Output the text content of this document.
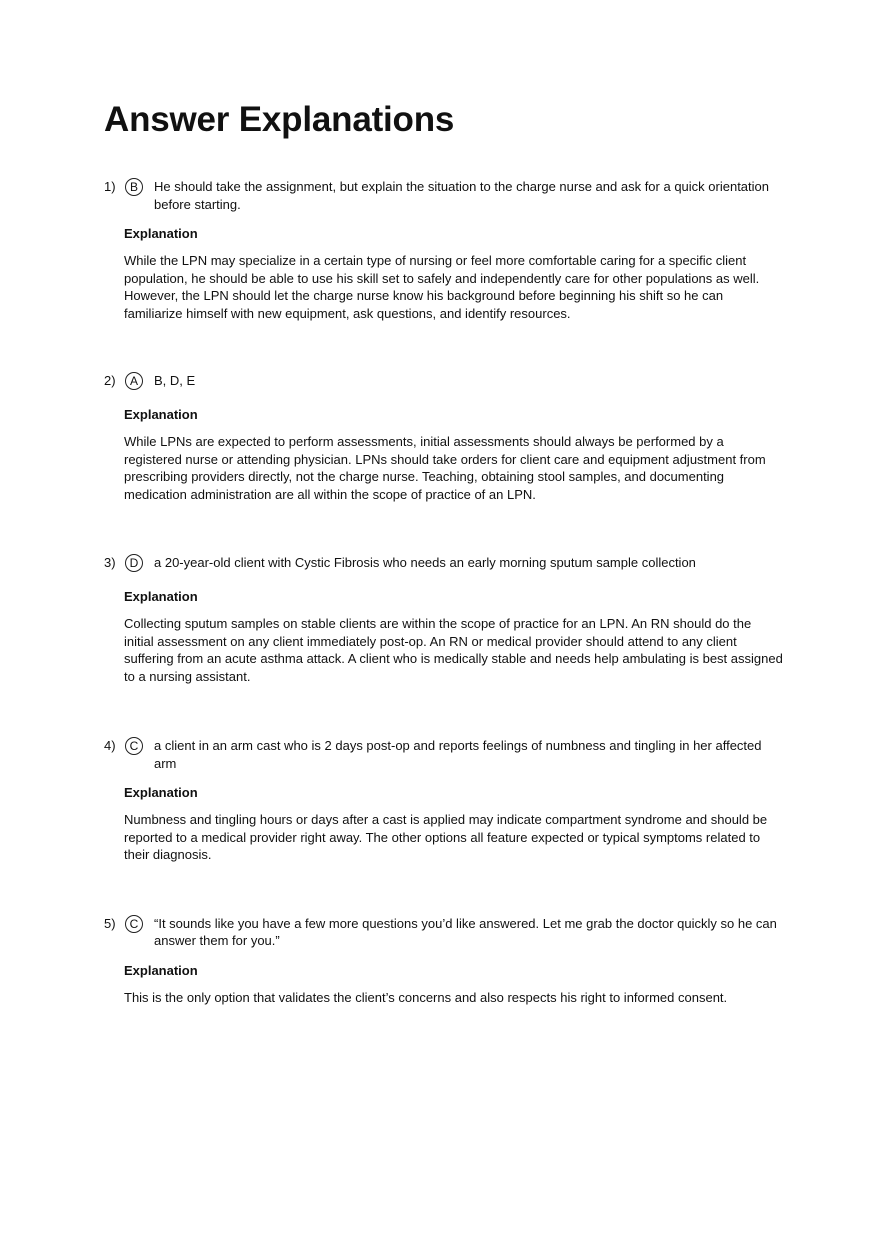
Answer Explanations
1)	B	He should take the assignment, but explain the situation to the charge nurse and ask for a quick orientation before starting.
Explanation
While the LPN may specialize in a certain type of nursing or feel more comfortable caring for a specific client population, he should be able to use his skill set to safely and independently care for other populations as well. However, the LPN should let the charge nurse know his background before beginning his shift so he can familiarize himself with new equipment, ask questions, and identify resources.
2)	A	B, D, E
Explanation
While LPNs are expected to perform assessments, initial assessments should always be performed by a registered nurse or attending physician. LPNs should take orders for client care and equipment adjustment from prescribing providers directly, not the charge nurse. Teaching, obtaining stool samples, and documenting medication administration are all within the scope of practice of an LPN.
3)	D	a 20-year-old client with Cystic Fibrosis who needs an early morning sputum sample collection
Explanation
Collecting sputum samples on stable clients are within the scope of practice for an LPN. An RN should do the initial assessment on any client immediately post-op. An RN or medical provider should attend to any client suffering from an acute asthma attack. A client who is medically stable and needs help ambulating is best assigned to a nursing assistant.
4)	C	a client in an arm cast who is 2 days post-op and reports feelings of numbness and tingling in her affected arm
Explanation
Numbness and tingling hours or days after a cast is applied may indicate compartment syndrome and should be reported to a medical provider right away. The other options all feature expected or typical symptoms related to their diagnosis.
5)	C	“It sounds like you have a few more questions you’d like answered. Let me grab the doctor quickly so he can answer them for you.”
Explanation
This is the only option that validates the client’s concerns and also respects his right to informed consent.
